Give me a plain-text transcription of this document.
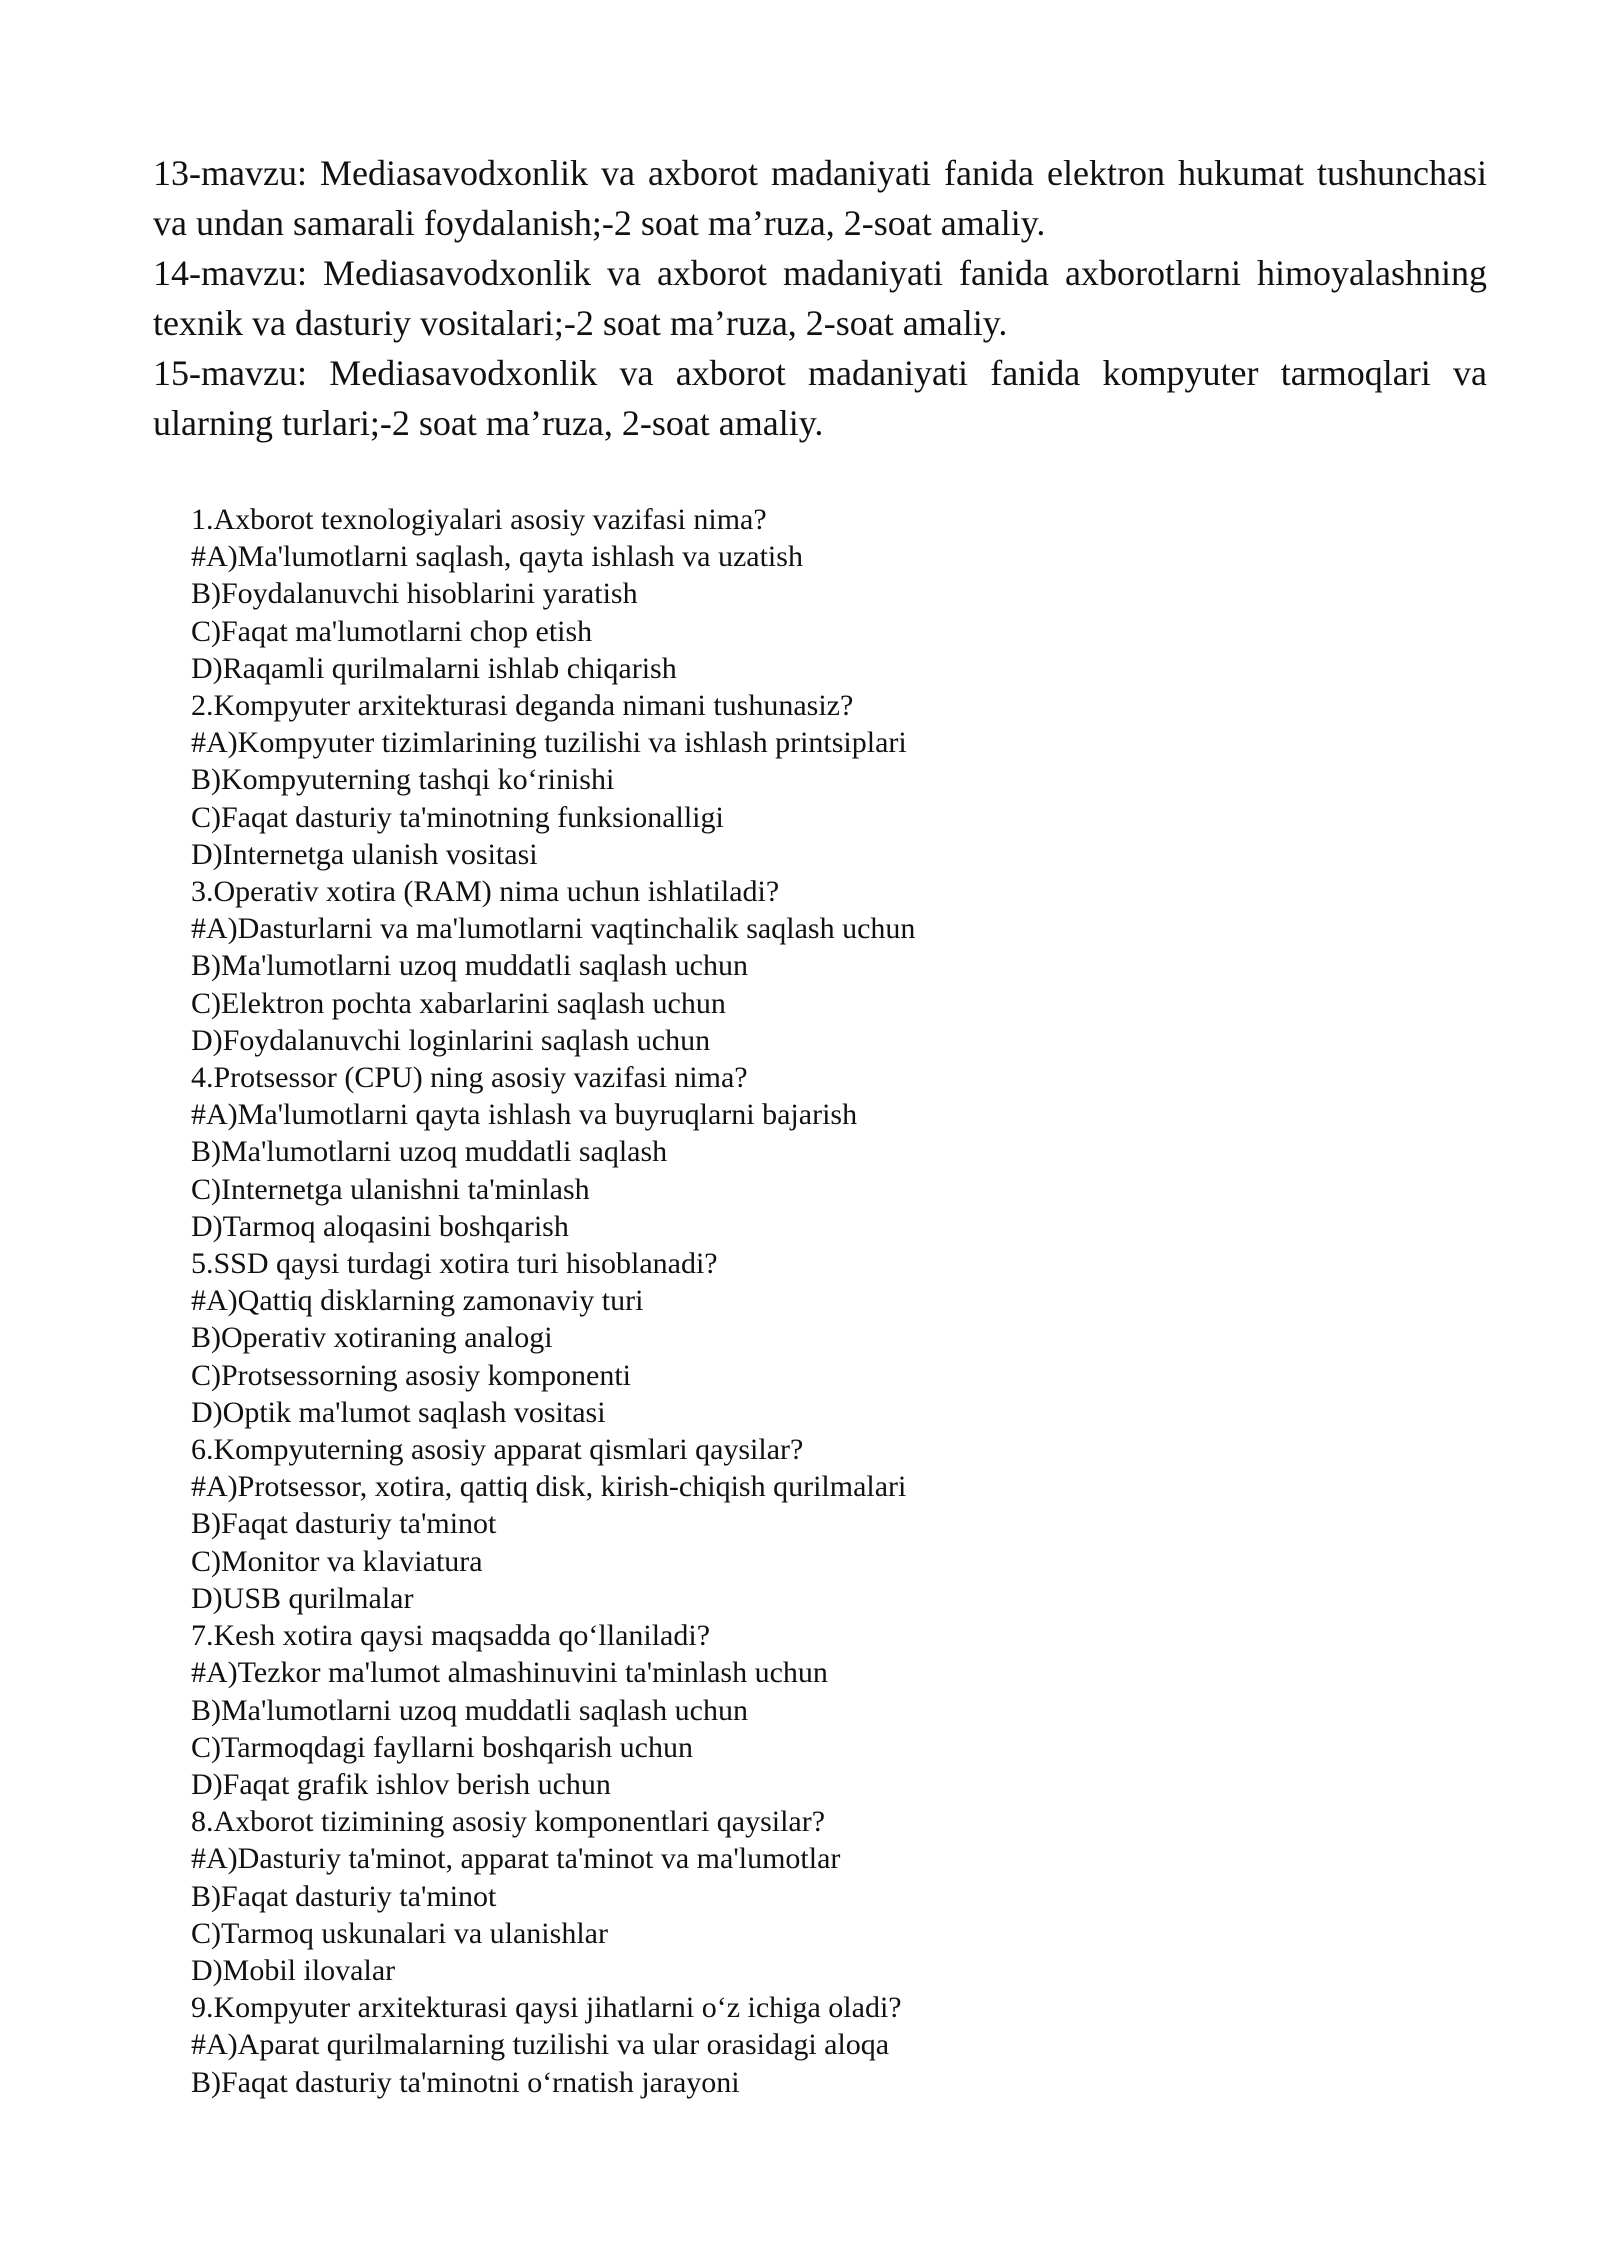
13-mavzu: Mediasavodxonlik va axborot madaniyati fanida elektron hukumat tushunchasi va undan samarali foydalanish;-2 soat ma’ruza, 2-soat amaliy.

14-mavzu: Mediasavodxonlik va axborot madaniyati fanida axborotlarni himoyalashning texnik va dasturiy vositalari;-2 soat ma’ruza, 2-soat amaliy.

15-mavzu: Mediasavodxonlik va axborot madaniyati fanida kompyuter tarmoqlari va ularning turlari;-2 soat ma’ruza, 2-soat amaliy.

1.Axborot texnologiyalari asosiy vazifasi nima?
#A)Ma'lumotlarni saqlash, qayta ishlash va uzatish
B)Foydalanuvchi hisoblarini yaratish
C)Faqat ma'lumotlarni chop etish
D)Raqamli qurilmalarni ishlab chiqarish
2.Kompyuter arxitekturasi deganda nimani tushunasiz?
#A)Kompyuter tizimlarining tuzilishi va ishlash printsiplari
B)Kompyuterning tashqi ko‘rinishi
C)Faqat dasturiy ta'minotning funksionalligi
D)Internetga ulanish vositasi
3.Operativ xotira (RAM) nima uchun ishlatiladi?
#A)Dasturlarni va ma'lumotlarni vaqtinchalik saqlash uchun
B)Ma'lumotlarni uzoq muddatli saqlash uchun
C)Elektron pochta xabarlarini saqlash uchun
D)Foydalanuvchi loginlarini saqlash uchun
4.Protsessor (CPU) ning asosiy vazifasi nima?
#A)Ma'lumotlarni qayta ishlash va buyruqlarni bajarish
B)Ma'lumotlarni uzoq muddatli saqlash
C)Internetga ulanishni ta'minlash
D)Tarmoq aloqasini boshqarish
5.SSD qaysi turdagi xotira turi hisoblanadi?
#A)Qattiq disklarning zamonaviy turi
B)Operativ xotiraning analogi
C)Protsessorning asosiy komponenti
D)Optik ma'lumot saqlash vositasi
6.Kompyuterning asosiy apparat qismlari qaysilar?
#A)Protsessor, xotira, qattiq disk, kirish-chiqish qurilmalari
B)Faqat dasturiy ta'minot
C)Monitor va klaviatura
D)USB qurilmalar
7.Kesh xotira qaysi maqsadda qo‘llaniladi?
#A)Tezkor ma'lumot almashinuvini ta'minlash uchun
B)Ma'lumotlarni uzoq muddatli saqlash uchun
C)Tarmoqdagi fayllarni boshqarish uchun
D)Faqat grafik ishlov berish uchun
8.Axborot tizimining asosiy komponentlari qaysilar?
#A)Dasturiy ta'minot, apparat ta'minot va ma'lumotlar
B)Faqat dasturiy ta'minot
C)Tarmoq uskunalari va ulanishlar
D)Mobil ilovalar
9.Kompyuter arxitekturasi qaysi jihatlarni o‘z ichiga oladi?
#A)Aparat qurilmalarning tuzilishi va ular orasidagi aloqa
B)Faqat dasturiy ta'minotni o‘rnatish jarayoni
